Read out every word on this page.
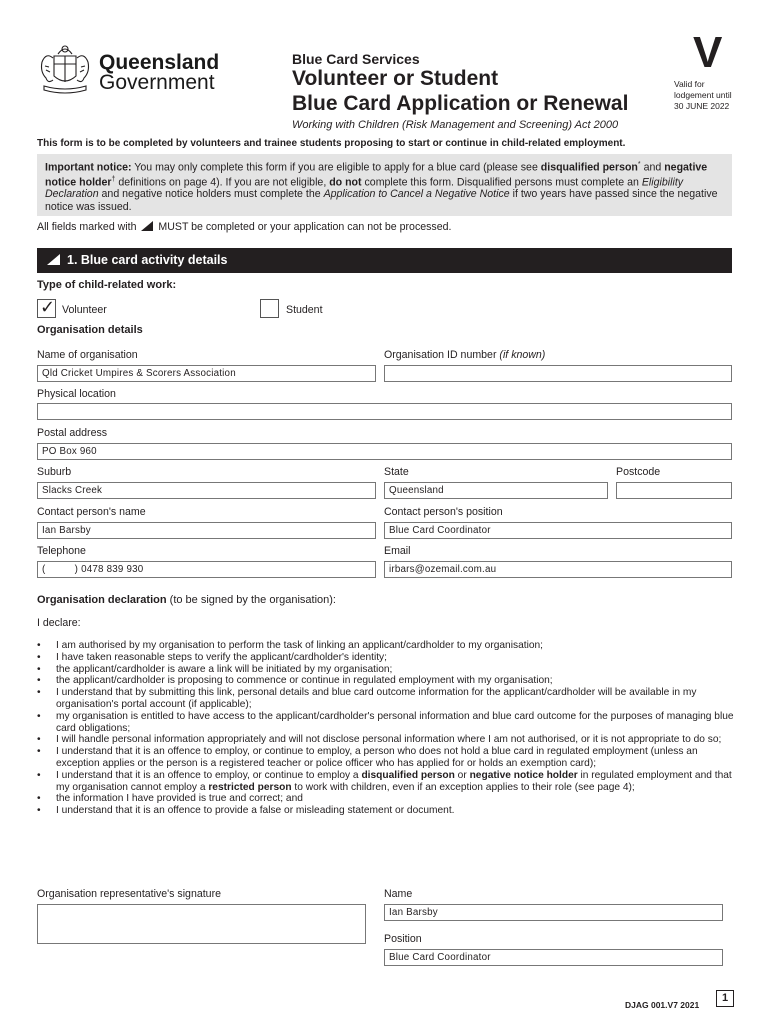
Queensland
Government
Blue Card Services
Volunteer or Student
Blue Card Application or Renewal
V
Valid for
lodgement until
30 JUNE 2022
Working with Children (Risk Management and Screening) Act 2000
This form is to be completed by volunteers and trainee students proposing to start or continue in child-related employment.
Important notice: You may only complete this form if you are eligible to apply for a blue card (please see disqualified person* and negative notice holder† definitions on page 4). If you are not eligible, do not complete this form. Disqualified persons must complete an Eligibility Declaration and negative notice holders must complete the Application to Cancel a Negative Notice if two years have passed since the negative notice was issued.
All fields marked with  MUST be completed or your application can not be processed.
1. Blue card activity details
Type of child-related work:
✓ Volunteer	Student
Organisation details
Name of organisation
Qld Cricket Umpires & Scorers Association
Organisation ID number (if known)
Physical location
Postal address
PO Box 960
Suburb
Slacks Creek
State
Queensland
Postcode
Contact person's name
Ian Barsby
Contact person's position
Blue Card Coordinator
Telephone
(          ) 0478 839 930
Email
irbars@ozemail.com.au
Organisation declaration (to be signed by the organisation):
I declare:
• I am authorised by my organisation to perform the task of linking an applicant/cardholder to my organisation;
• I have taken reasonable steps to verify the applicant/cardholder's identity;
• the applicant/cardholder is aware a link will be initiated by my organisation;
• the applicant/cardholder is proposing to commence or continue in regulated employment with my organisation;
• I understand that by submitting this link, personal details and blue card outcome information for the applicant/cardholder will be available in my organisation's portal account (if applicable);
• my organisation is entitled to have access to the applicant/cardholder's personal information and blue card outcome for the purposes of managing blue card obligations;
• I will handle personal information appropriately and will not disclose personal information where I am not authorised, or it is not appropriate to do so;
• I understand that it is an offence to employ, or continue to employ, a person who does not hold a blue card in regulated employment (unless an exception applies or the person is a registered teacher or police officer who has applied for or holds an exemption card);
• I understand that it is an offence to employ, or continue to employ a disqualified person or negative notice holder in regulated employment and that my organisation cannot employ a restricted person to work with children, even if an exception applies to their role (see page 4);
• the information I have provided is true and correct; and
• I understand that it is an offence to provide a false or misleading statement or document.
Organisation representative's signature	Name
Ian Barsby
Position
Blue Card Coordinator
DJAG 001.V7 2021
1
